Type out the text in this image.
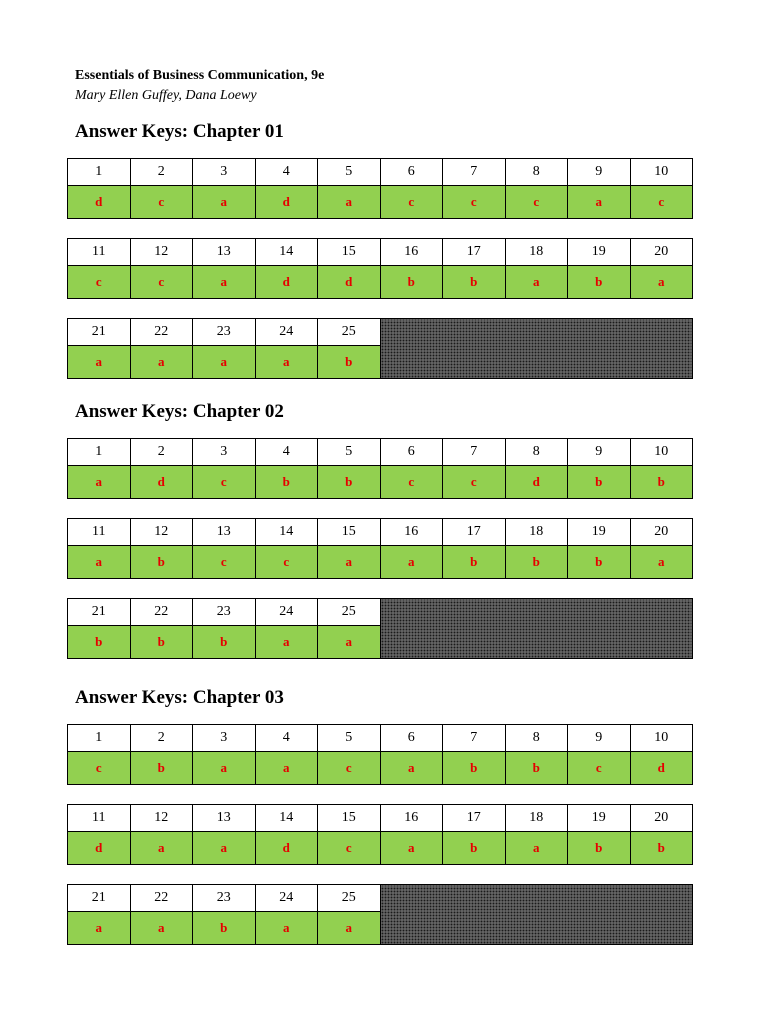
Essentials of Business Communication, 9e
Mary Ellen Guffey, Dana Loewy
Answer Keys: Chapter 01
1	2	3	4	5	6	7	8	9	10
d	c	a	d	a	c	c	c	a	c
11	12	13	14	15	16	17	18	19	20
c	c	a	d	d	b	b	a	b	a
21	22	23	24	25	
a	a	a	a	b	
Answer Keys: Chapter 02
1	2	3	4	5	6	7	8	9	10
a	d	c	b	b	c	c	d	b	b
11	12	13	14	15	16	17	18	19	20
a	b	c	c	a	a	b	b	b	a
21	22	23	24	25	
b	b	b	a	a	
Answer Keys: Chapter 03
1	2	3	4	5	6	7	8	9	10
c	b	a	a	c	a	b	b	c	d
11	12	13	14	15	16	17	18	19	20
d	a	a	d	c	a	b	a	b	b
21	22	23	24	25	
a	a	b	a	a	
